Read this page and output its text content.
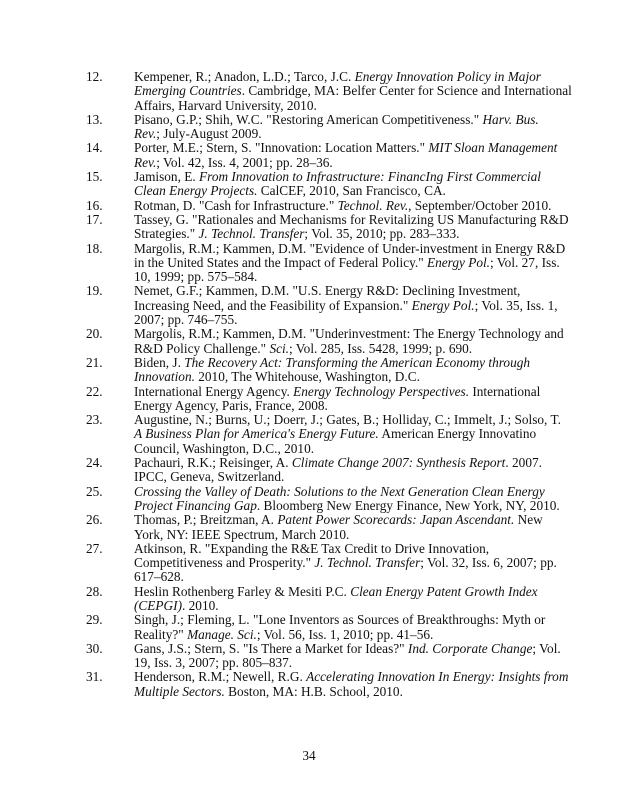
12. Kempener, R.; Anadon, L.D.; Tarco, J.C. Energy Innovation Policy in Major
Emerging Countries. Cambridge, MA: Belfer Center for Science and International
Affairs, Harvard University, 2010.
13. Pisano, G.P.; Shih, W.C. "Restoring American Competitiveness." Harv. Bus.
Rev.; July-August 2009.
14. Porter, M.E.; Stern, S. "Innovation: Location Matters." MIT Sloan Management
Rev.; Vol. 42, Iss. 4, 2001; pp. 28–36.
15. Jamison, E. From Innovation to Infrastructure: FinancIng First Commercial
Clean Energy Projects. CalCEF, 2010, San Francisco, CA.
16. Rotman, D. "Cash for Infrastructure." Technol. Rev., September/October 2010.
17. Tassey, G. "Rationales and Mechanisms for Revitalizing US Manufacturing R&D
Strategies." J. Technol. Transfer; Vol. 35, 2010; pp. 283–333.
18. Margolis, R.M.; Kammen, D.M. "Evidence of Under-investment in Energy R&D
in the United States and the Impact of Federal Policy." Energy Pol.; Vol. 27, Iss.
10, 1999; pp. 575–584.
19. Nemet, G.F.; Kammen, D.M. "U.S. Energy R&D: Declining Investment,
Increasing Need, and the Feasibility of Expansion." Energy Pol.; Vol. 35, Iss. 1,
2007; pp. 746–755.
20. Margolis, R.M.; Kammen, D.M. "Underinvestment: The Energy Technology and
R&D Policy Challenge." Sci.; Vol. 285, Iss. 5428, 1999; p. 690.
21. Biden, J. The Recovery Act: Transforming the American Economy through
Innovation. 2010, The Whitehouse, Washington, D.C.
22. International Energy Agency. Energy Technology Perspectives. International
Energy Agency, Paris, France, 2008.
23. Augustine, N.; Burns, U.; Doerr, J.; Gates, B.; Holliday, C.; Immelt, J.; Solso, T.
A Business Plan for America's Energy Future. American Energy Innovatino
Council, Washington, D.C., 2010.
24. Pachauri, R.K.; Reisinger, A. Climate Change 2007: Synthesis Report. 2007.
IPCC, Geneva, Switzerland.
25. Crossing the Valley of Death: Solutions to the Next Generation Clean Energy
Project Financing Gap. Bloomberg New Energy Finance, New York, NY, 2010.
26. Thomas, P.; Breitzman, A. Patent Power Scorecards: Japan Ascendant. New
York, NY: IEEE Spectrum, March 2010.
27. Atkinson, R. "Expanding the R&E Tax Credit to Drive Innovation,
Competitiveness and Prosperity." J. Technol. Transfer; Vol. 32, Iss. 6, 2007; pp.
617–628.
28. Heslin Rothenberg Farley & Mesiti P.C. Clean Energy Patent Growth Index
(CEPGI). 2010.
29. Singh, J.; Fleming, L. "Lone Inventors as Sources of Breakthroughs: Myth or
Reality?" Manage. Sci.; Vol. 56, Iss. 1, 2010; pp. 41–56.
30. Gans, J.S.; Stern, S. "Is There a Market for Ideas?" Ind. Corporate Change; Vol.
19, Iss. 3, 2007; pp. 805–837.
31. Henderson, R.M.; Newell, R.G. Accelerating Innovation In Energy: Insights from
Multiple Sectors. Boston, MA: H.B. School, 2010.
34
